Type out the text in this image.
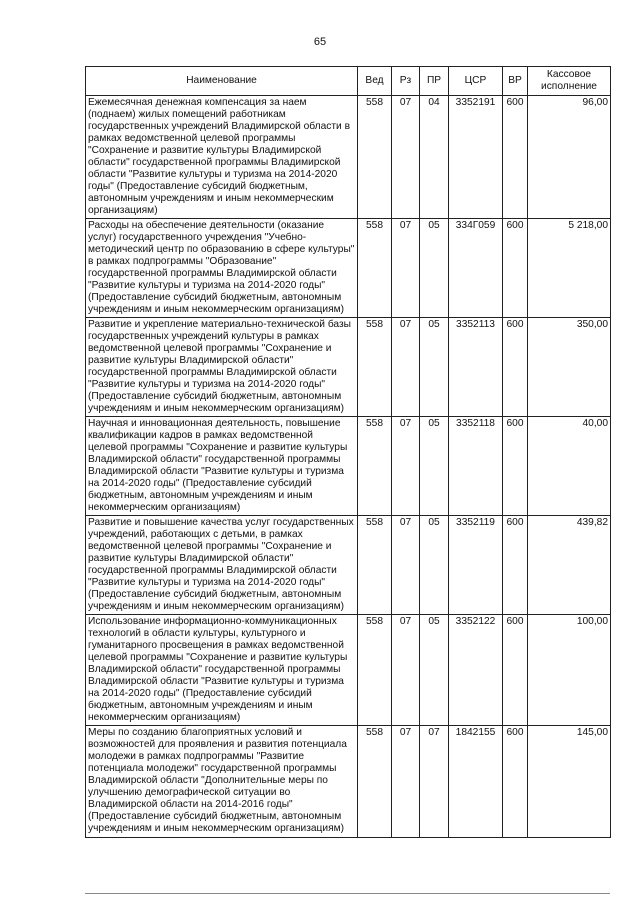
65
Наименование	Вед	Рз	ПР	ЦСР	ВР	Кассовое исполнение
Ежемесячная денежная компенсация за наем (поднаем) жилых помещений работникам государственных учреждений Владимирской области в рамках ведомственной целевой программы "Сохранение и развитие культуры Владимирской области" государственной программы Владимирской области "Развитие культуры и туризма на 2014-2020 годы" (Предоставление субсидий бюджетным, автономным учреждениям и иным некоммерческим организациям)	558	07	04	3352191	600	96,00
Расходы на обеспечение деятельности (оказание услуг) государственного учреждения "Учебно-методический центр по образованию в сфере культуры" в рамках подпрограммы "Образование" государственной программы Владимирской области "Развитие культуры и туризма на 2014-2020 годы" (Предоставление субсидий бюджетным, автономным учреждениям и иным некоммерческим организациям)	558	07	05	334Г059	600	5 218,00
Развитие и укрепление материально-технической базы государственных учреждений культуры в рамках ведомственной целевой программы "Сохранение и развитие культуры Владимирской области" государственной программы Владимирской области "Развитие культуры и туризма на 2014-2020 годы" (Предоставление субсидий бюджетным, автономным учреждениям и иным некоммерческим организациям)	558	07	05	3352113	600	350,00
Научная и инновационная деятельность, повышение квалификации кадров в рамках ведомственной целевой программы "Сохранение и развитие культуры Владимирской области" государственной программы Владимирской области "Развитие культуры и туризма на 2014-2020 годы" (Предоставление субсидий бюджетным, автономным учреждениям и иным некоммерческим организациям)	558	07	05	3352118	600	40,00
Развитие и повышение качества услуг государственных учреждений, работающих с детьми, в рамках ведомственной целевой программы "Сохранение и развитие культуры Владимирской области" государственной программы Владимирской области "Развитие культуры и туризма на 2014-2020 годы" (Предоставление субсидий бюджетным, автономным учреждениям и иным некоммерческим организациям)	558	07	05	3352119	600	439,82
Использование информационно-коммуникационных технологий в области культуры, культурного и гуманитарного просвещения в рамках ведомственной целевой программы "Сохранение и развитие культуры Владимирской области" государственной программы Владимирской области "Развитие культуры и туризма на 2014-2020 годы" (Предоставление субсидий бюджетным, автономным учреждениям и иным некоммерческим организациям)	558	07	05	3352122	600	100,00
Меры по созданию благоприятных условий и возможностей для проявления и развития потенциала молодежи в рамках подпрограммы "Развитие потенциала молодежи" государственной программы Владимирской области "Дополнительные меры по улучшению демографической ситуации во Владимирской области на 2014-2016 годы" (Предоставление субсидий бюджетным, автономным учреждениям и иным некоммерческим организациям)	558	07	07	1842155	600	145,00
